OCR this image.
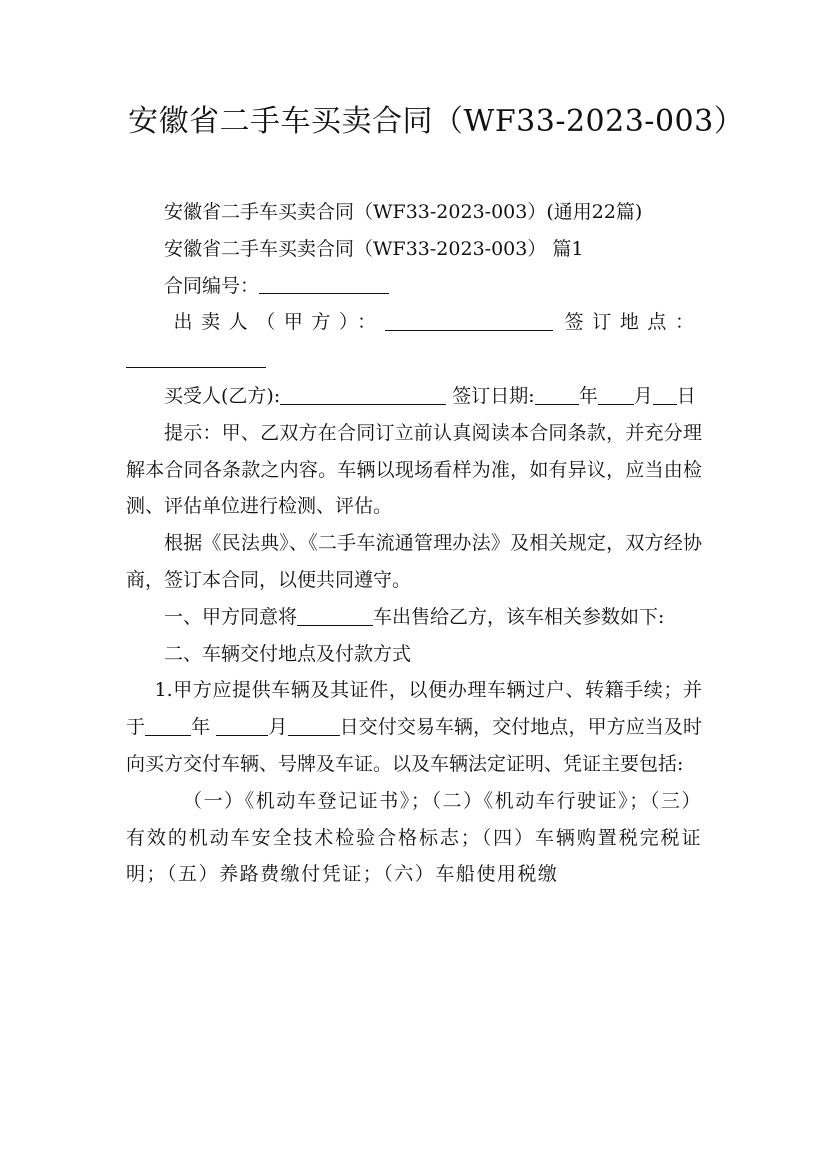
安徽省二手车买卖合同（WF33-2023-003）

安徽省二手车买卖合同（WF33-2023-003）(通用22篇)

安徽省二手车买卖合同（WF33-2023-003） 篇1

合同编号：

出卖人（甲方）：	签订地点：

买受人(乙方):	签订日期: 年 月 日

提示：甲、乙双方在合同订立前认真阅读本合同条款，并充分理解本合同各条款之内容。车辆以现场看样为准，如有异议，应当由检测、评估单位进行检测、评估。

根据《民法典》、《二手车流通管理办法》及相关规定，双方经协商，签订本合同，以便共同遵守。

一、甲方同意将	车出售给乙方，该车相关参数如下:

二、车辆交付地点及付款方式

1.甲方应提供车辆及其证件，以便办理车辆过户、转籍手续；并于 年	月	日交付交易车辆，交付地点，甲方应当及时向买方交付车辆、号牌及车证。以及车辆法定证明、凭证主要包括:

（一）《机动车登记证书》；（二）《机动车行驶证》；（三）有效的机动车安全技术检验合格标志；（四）车辆购置税完税证明；（五）养路费缴付凭证；（六）车船使用税缴
